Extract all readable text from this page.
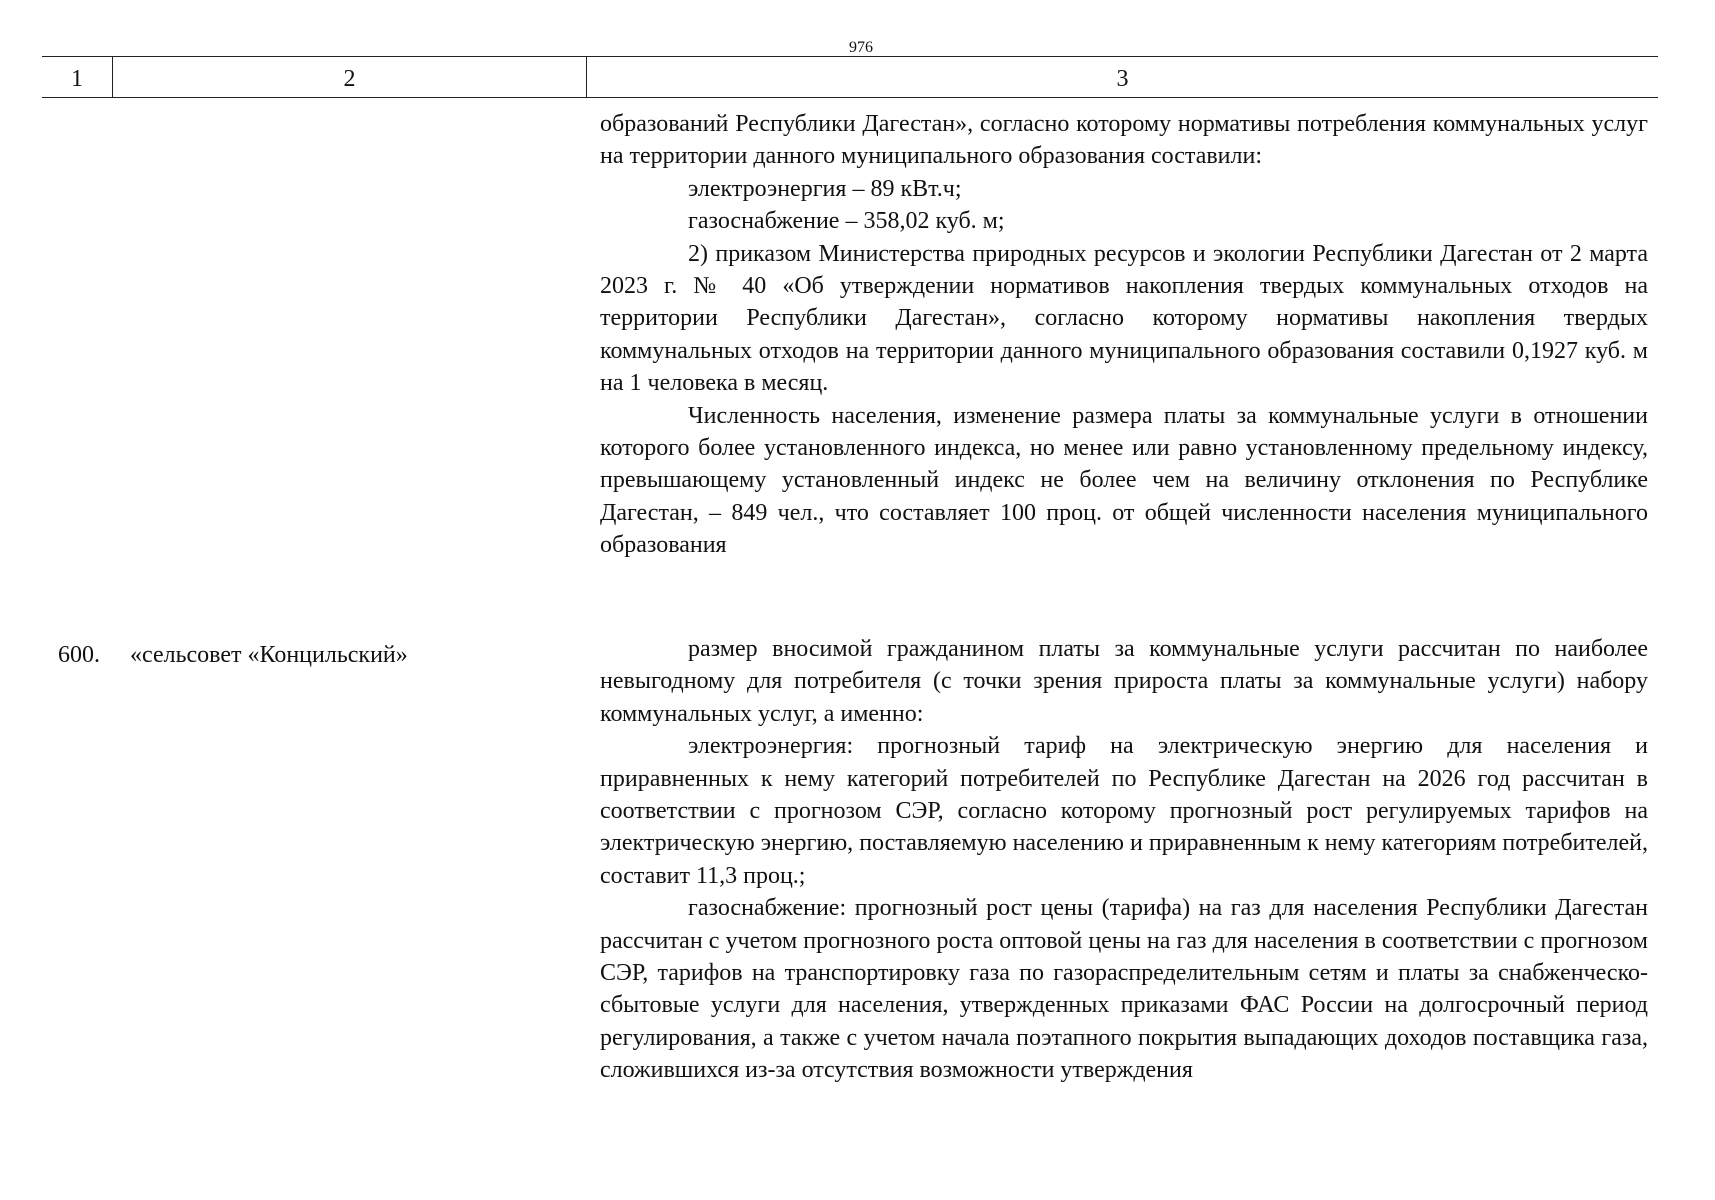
976
1	2	3

образований Республики Дагестан», согласно которому нормативы потребления коммунальных услуг на территории данного муниципального образования составили:

электроэнергия – 89 кВт.ч;

газоснабжение – 358,02 куб. м;

2) приказом Министерства природных ресурсов и экологии Республики Дагестан от 2 марта 2023 г. № 40 «Об утверждении нормативов накопления твердых коммунальных отходов на территории Республики Дагестан», согласно которому нормативы накопления твердых коммунальных отходов на территории данного муниципального образования составили 0,1927 куб. м на 1 человека в месяц.

Численность населения, изменение размера платы за коммунальные услуги в отношении которого более установленного индекса, но менее или равно установленному предельному индексу, превышающему установленный индекс не более чем на величину отклонения по Республике Дагестан, – 849 чел., что составляет 100 проц. от общей численности населения муниципального образования

600. «сельсовет «Концильский»	размер вносимой гражданином платы за коммунальные услуги рассчитан по наиболее невыгодному для потребителя (с точки зрения прироста платы за коммунальные услуги) набору коммунальных услуг, а именно:

электроэнергия: прогнозный тариф на электрическую энергию для населения и приравненных к нему категорий потребителей по Республике Дагестан на 2026 год рассчитан в соответствии с прогнозом СЭР, согласно которому прогнозный рост регулируемых тарифов на электрическую энергию, поставляемую населению и приравненным к нему категориям потребителей, составит 11,3 проц.;

газоснабжение: прогнозный рост цены (тарифа) на газ для населения Республики Дагестан рассчитан с учетом прогнозного роста оптовой цены на газ для населения в соответствии с прогнозом СЭР, тарифов на транспортировку газа по газораспределительным сетям и платы за снабженческо-сбытовые услуги для населения, утвержденных приказами ФАС России на долгосрочный период регулирования, а также с учетом начала поэтапного покрытия выпадающих доходов поставщика газа, сложившихся из-за отсутствия возможности утверждения
